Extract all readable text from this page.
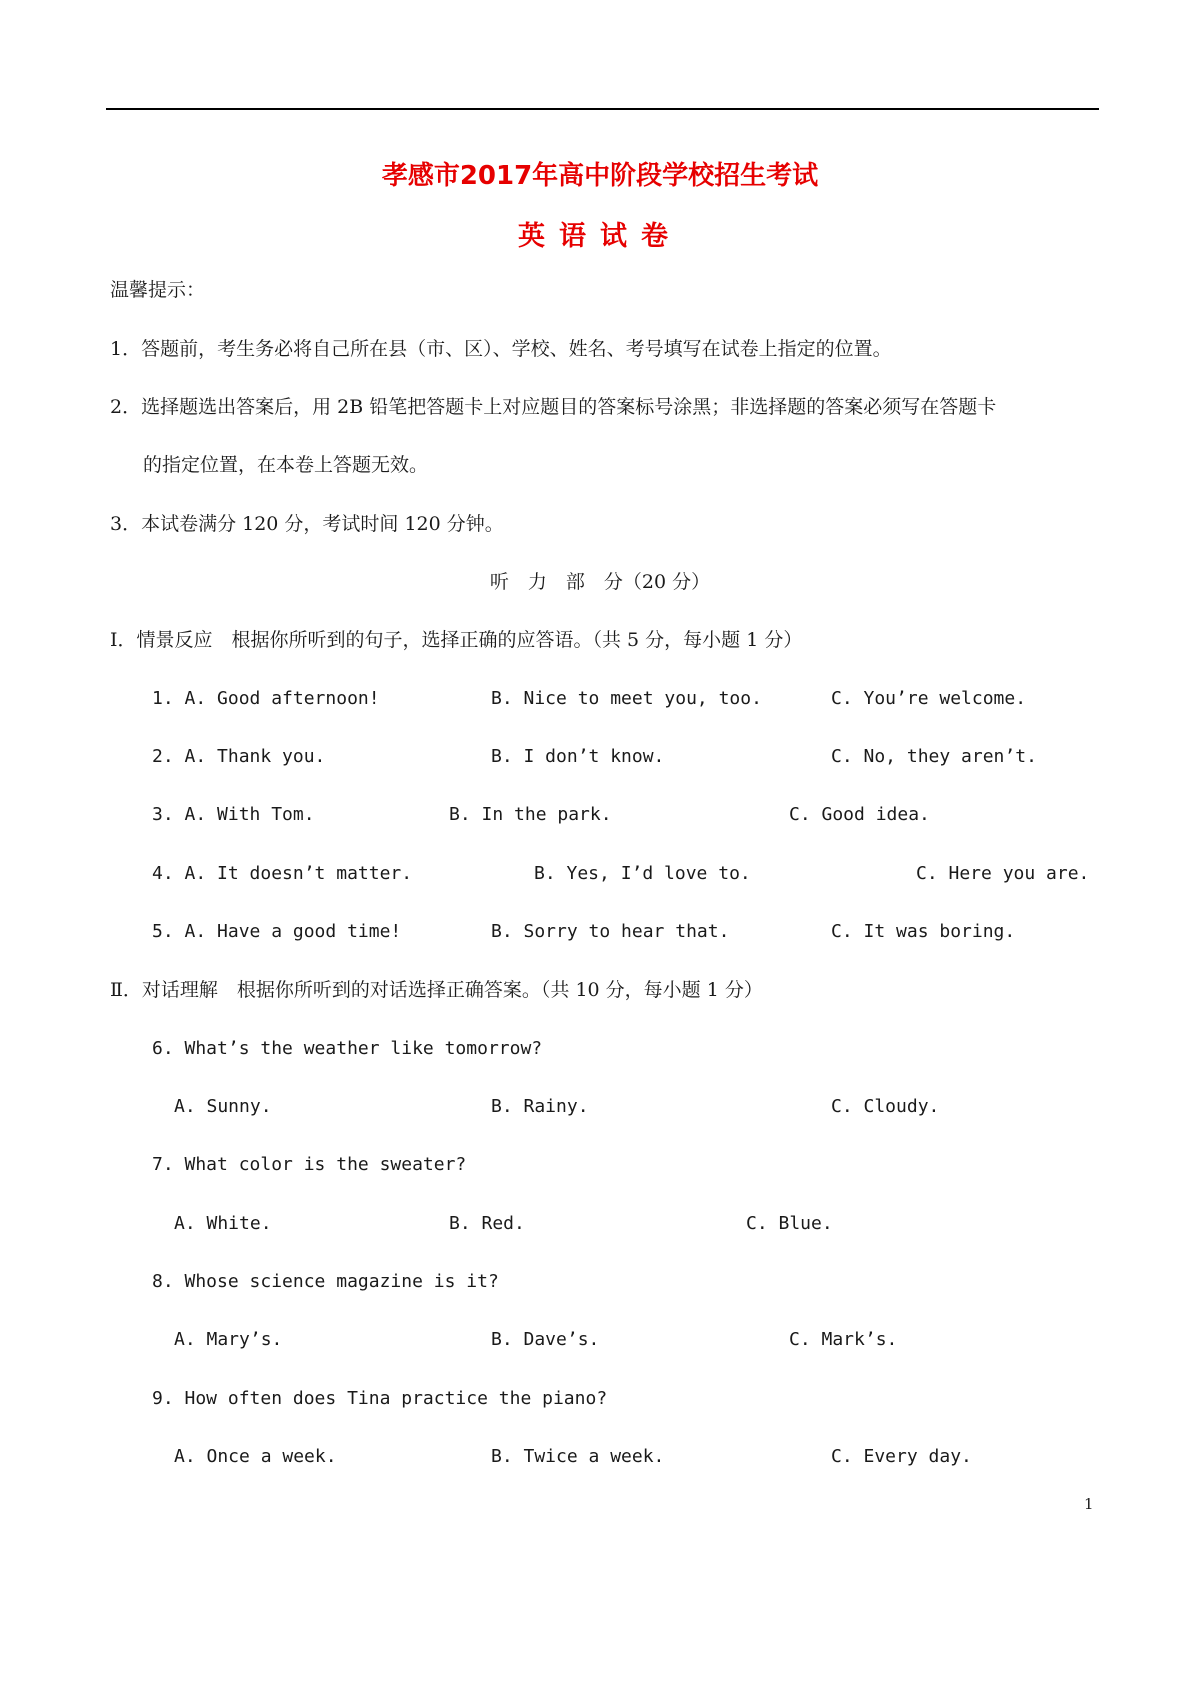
孝感市2017年高中阶段学校招生考试
英语试卷
温馨提示：
1．答题前，考生务必将自己所在县（市、区）、学校、姓名、考号填写在试卷上指定的位置。
2．选择题选出答案后，用 2B 铅笔把答题卡上对应题目的答案标号涂黑；非选择题的答案必须写在答题卡
的指定位置，在本卷上答题无效。
3．本试卷满分 120 分，考试时间 120 分钟。
听　力　部　分（20 分）
Ⅰ．情景反应　根据你所听到的句子，选择正确的应答语。（共 5 分，每小题 1 分）
1. A. Good afternoon!	B. Nice to meet you, too.	C. You’re welcome.
2. A. Thank you.	B. I don’t know.	C. No, they aren’t.
3. A. With Tom.	B. In the park.	C. Good idea.
4. A. It doesn’t matter.	B. Yes, I’d love to.	C. Here you are.
5. A. Have a good time!	B. Sorry to hear that.	C. It was boring.
Ⅱ．对话理解　根据你所听到的对话选择正确答案。（共 10 分，每小题 1 分）
6. What’s the weather like tomorrow?
A. Sunny.	B. Rainy.	C. Cloudy.
7. What color is the sweater?
A. White.	B. Red.	C. Blue.
8. Whose science magazine is it?
A. Mary’s.	B. Dave’s.	C. Mark’s.
9. How often does Tina practice the piano?
A. Once a week.	B. Twice a week.	C. Every day.
1
